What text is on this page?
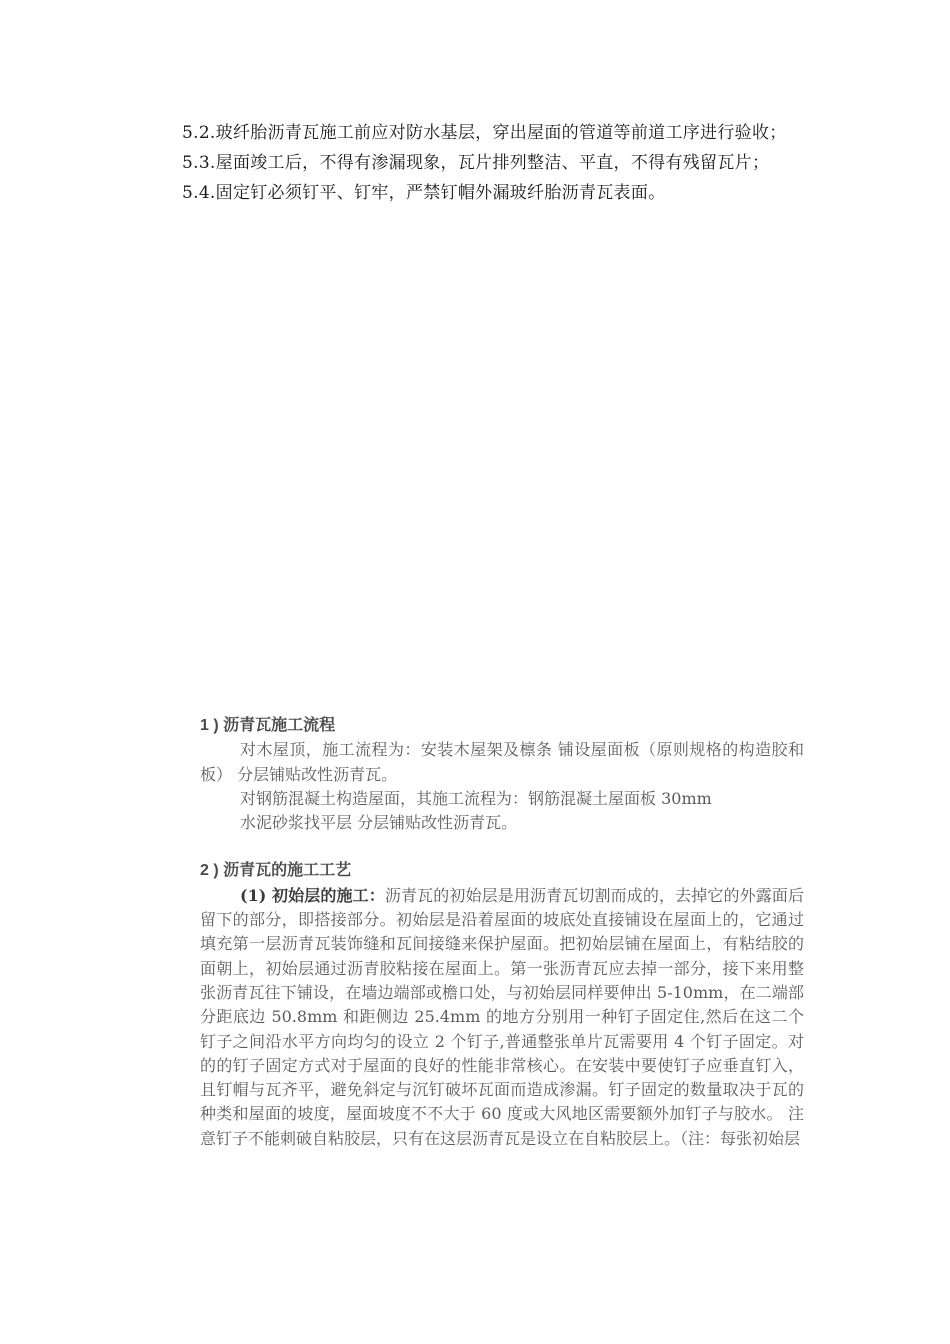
5.2.玻纤胎沥青瓦施工前应对防水基层，穿出屋面的管道等前道工序进行验收；

5.3.屋面竣工后，不得有渗漏现象，瓦片排列整洁、平直，不得有残留瓦片；

5.4.固定钉必须钉平、钉牢，严禁钉帽外漏玻纤胎沥青瓦表面。

1 ) 沥青瓦施工流程

对木屋顶，施工流程为：安装木屋架及檩条 铺设屋面板（原则规格的构造胶和板） 分层铺贴改性沥青瓦。

对钢筋混凝土构造屋面，其施工流程为：钢筋混凝土屋面板 30mm

水泥砂浆找平层 分层铺贴改性沥青瓦。

2 ) 沥青瓦的施工工艺

(1) 初始层的施工：沥青瓦的初始层是用沥青瓦切割而成的，去掉它的外露面后留下的部分，即搭接部分。初始层是沿着屋面的坡底处直接铺设在屋面上的，它通过填充第一层沥青瓦装饰缝和瓦间接缝来保护屋面。把初始层铺在屋面上，有粘结胶的面朝上，初始层通过沥青胶粘接在屋面上。第一张沥青瓦应去掉一部分，接下来用整张沥青瓦往下铺设，在墙边端部或檐口处，与初始层同样要伸出 5-10mm，在二端部分距底边 50.8mm 和距侧边 25.4mm 的地方分别用一种钉子固定住,然后在这二个钉子之间沿水平方向均匀的设立 2 个钉子,普通整张单片瓦需要用 4 个钉子固定。对的的钉子固定方式对于屋面的良好的性能非常核心。在安装中要使钉子应垂直钉入，且钉帽与瓦齐平，避免斜定与沉钉破坏瓦面而造成渗漏。钉子固定的数量取决于瓦的种类和屋面的坡度，屋面坡度不不大于 60 度或大风地区需要额外加钉子与胶水。 注意钉子不能刺破自粘胶层，只有在这层沥青瓦是设立在自粘胶层上。（注：每张初始层
